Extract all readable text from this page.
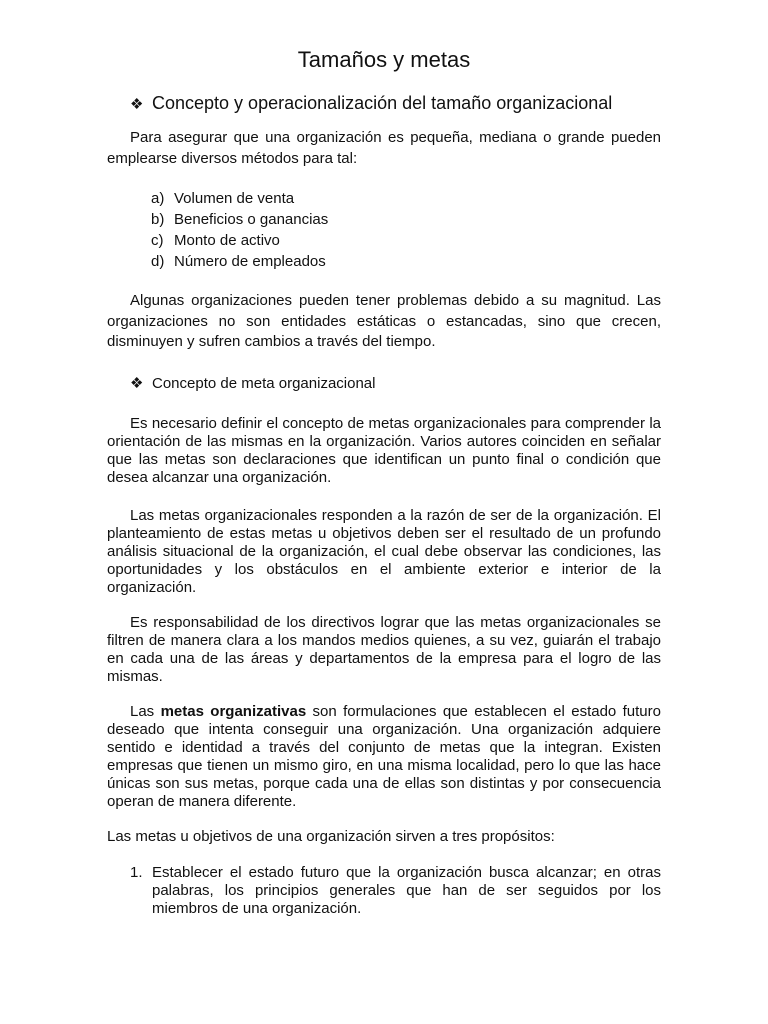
Tamaños y metas
❖ Concepto y operacionalización del tamaño organizacional

Para asegurar que una organización es pequeña, mediana o grande pueden emplearse diversos métodos para tal:

a) Volumen de venta
b) Beneficios o ganancias
c) Monto de activo
d) Número de empleados

Algunas organizaciones pueden tener problemas debido a su magnitud. Las organizaciones no son entidades estáticas o estancadas, sino que crecen, disminuyen y sufren cambios a través del tiempo.

❖ Concepto de meta organizacional

Es necesario definir el concepto de metas organizacionales para comprender la orientación de las mismas en la organización. Varios autores coinciden en señalar que las metas son declaraciones que identifican un punto final o condición que desea alcanzar una organización.

Las metas organizacionales responden a la razón de ser de la organización. El planteamiento de estas metas u objetivos deben ser el resultado de un profundo análisis situacional de la organización, el cual debe observar las condiciones, las oportunidades y los obstáculos en el ambiente exterior e interior de la organización.

Es responsabilidad de los directivos lograr que las metas organizacionales se filtren de manera clara a los mandos medios quienes, a su vez, guiarán el trabajo en cada una de las áreas y departamentos de la empresa para el logro de las mismas.

Las metas organizativas son formulaciones que establecen el estado futuro deseado que intenta conseguir una organización. Una organización adquiere sentido e identidad a través del conjunto de metas que la integran. Existen empresas que tienen un mismo giro, en una misma localidad, pero lo que las hace únicas son sus metas, porque cada una de ellas son distintas y por consecuencia operan de manera diferente.

Las metas u objetivos de una organización sirven a tres propósitos:

1. Establecer el estado futuro que la organización busca alcanzar; en otras palabras, los principios generales que han de ser seguidos por los miembros de una organización.
